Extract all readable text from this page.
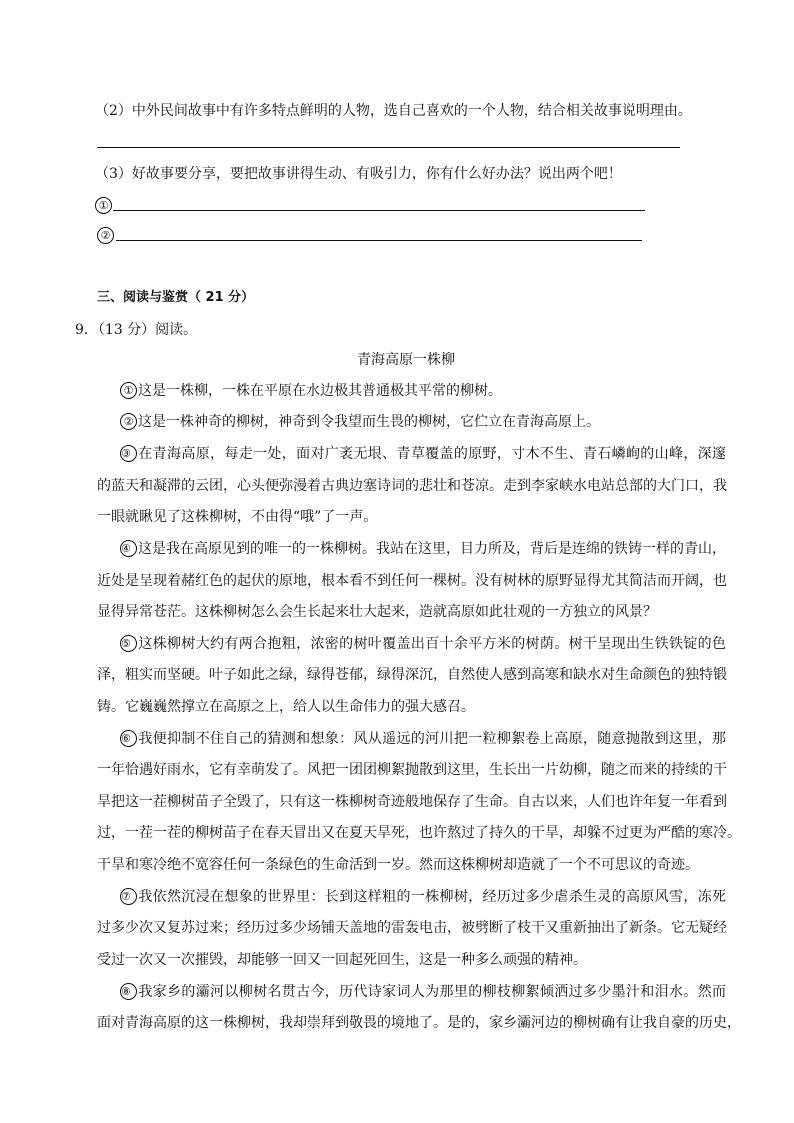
（2）中外民间故事中有许多特点鲜明的人物，选自己喜欢的一个人物，结合相关故事说明理由。
（3）好故事要分享，要把故事讲得生动、有吸引力，你有什么好办法？说出两个吧！
①
②
三、阅读与鉴赏（ 21 分）
9．（13 分）阅读。
青海高原一株柳
① 这是一株柳，一株在平原在水边极其普通极其平常的柳树。
② 这是一株神奇的柳树，神奇到令我望而生畏的柳树，它伫立在青海高原上。
③ 在青海高原，每走一处，面对广袤无垠、青草覆盖的原野，寸木不生、青石嶙峋的山峰，深邃
的蓝天和凝滞的云团，心头便弥漫着古典边塞诗词的悲壮和苍凉。走到李家峡水电站总部的大门口，我
一眼就瞅见了这株柳树，不由得“哦”了一声。
④ 这是我在高原见到的唯一的一株柳树。我站在这里，目力所及，背后是连绵的铁铸一样的青山，
近处是呈现着赭红色的起伏的原地，根本看不到任何一棵树。没有树林的原野显得尤其简洁而开阔，也
显得异常苍茫。这株柳树怎么会生长起来壮大起来，造就高原如此壮观的一方独立的风景？
⑤ 这株柳树大约有两合抱粗，浓密的树叶覆盖出百十余平方米的树荫。树干呈现出生铁铁锭的色
泽，粗实而坚硬。叶子如此之绿，绿得苍郁，绿得深沉，自然使人感到高寒和缺水对生命颜色的独特锻
铸。它巍巍然撑立在高原之上，给人以生命伟力的强大感召。
⑥ 我便抑制不住自己的猜测和想象：风从遥远的河川把一粒柳絮卷上高原，随意抛散到这里，那
一年恰遇好雨水，它有幸萌发了。风把一团团柳絮抛散到这里，生长出一片幼柳，随之而来的持续的干
旱把这一茬柳树苗子全毁了，只有这一株柳树奇迹般地保存了生命。自古以来，人们也许年复一年看到
过，一茬一茬的柳树苗子在春天冒出又在夏天旱死，也许熬过了持久的干旱，却躲不过更为严酷的寒冷。
干旱和寒冷绝不宽容任何一条绿色的生命活到一岁。然而这株柳树却造就了一个不可思议的奇迹。
⑦ 我依然沉浸在想象的世界里：长到这样粗的一株柳树，经历过多少虐杀生灵的高原风雪，冻死
过多少次又复苏过来；经历过多少场铺天盖地的雷轰电击，被劈断了枝干又重新抽出了新条。它无疑经
受过一次又一次摧毁，却能够一回又一回起死回生，这是一种多么顽强的精神。
⑧ 我家乡的灞河以柳树名贯古今，历代诗家词人为那里的柳枝柳絮倾洒过多少墨汁和泪水。然而
面对青海高原的这一株柳树，我却崇拜到敬畏的境地了。是的，家乡灞河边的柳树确有让我自豪的历史，
